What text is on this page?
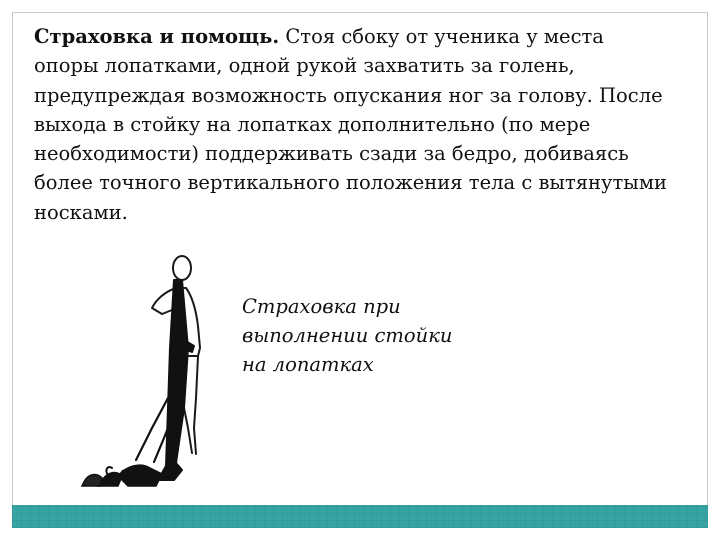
Страховка и помощь. Стоя сбоку от ученика у места опоры лопатками, одной рукой захватить за голень, предупреждая возможность опускания ног за голову. После выхода в стойку на лопатках дополнительно (по мере необходимости) поддерживать сзади за бедро, добиваясь более точного вертикального положения тела с вытянутыми носками.

Страховка при
выполнении стойки
на лопатках
